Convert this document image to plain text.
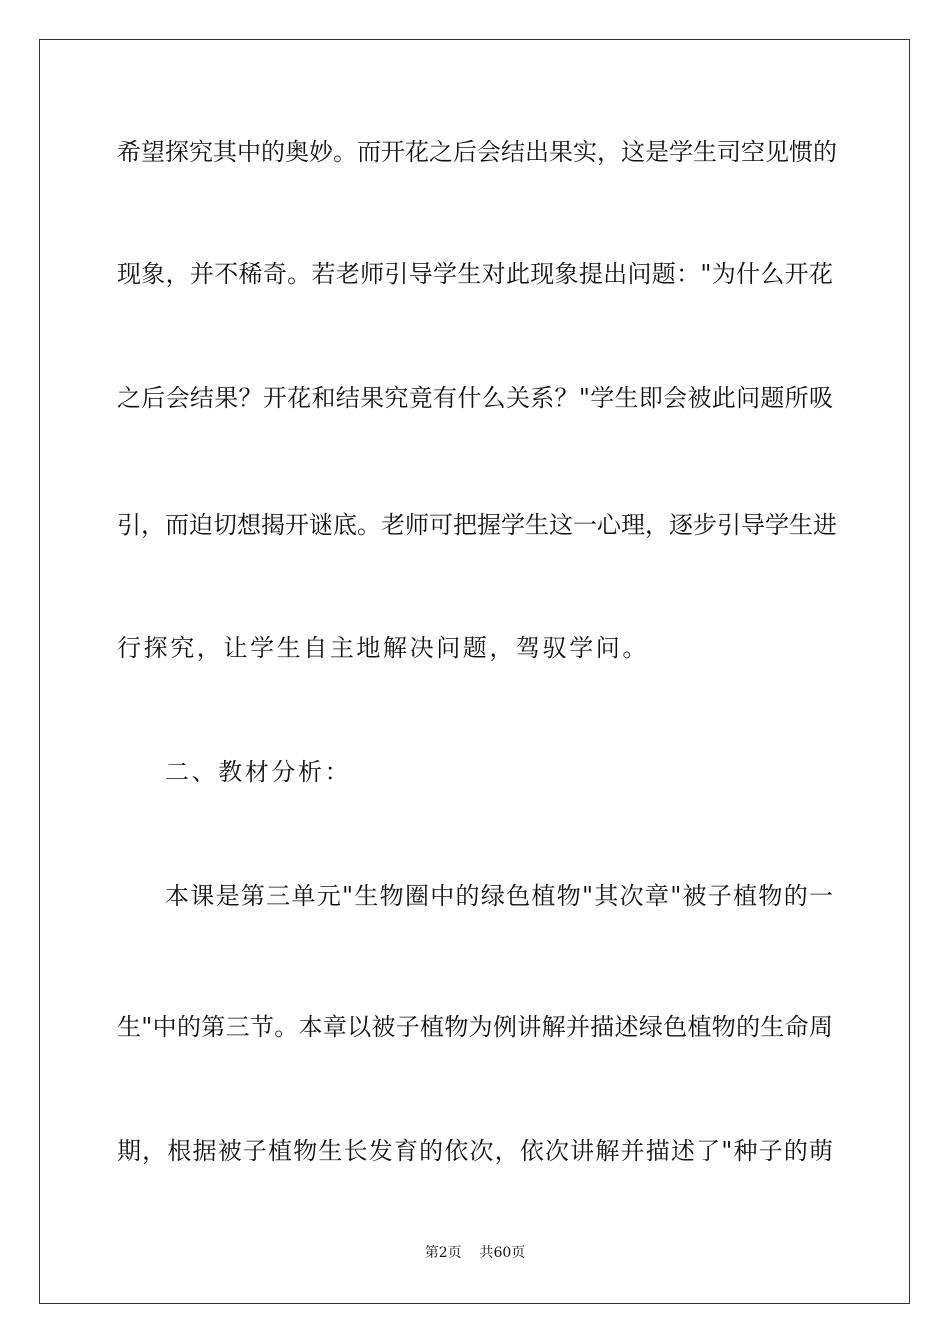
希望探究其中的奥妙。而开花之后会结出果实，这是学生司空见惯的
现象，并不稀奇。若老师引导学生对此现象提出问题："为什么开花
之后会结果？开花和结果究竟有什么关系？"学生即会被此问题所吸
引，而迫切想揭开谜底。老师可把握学生这一心理，逐步引导学生进
行探究，让学生自主地解决问题，驾驭学问。
二、教材分析：
本课是第三单元"生物圈中的绿色植物"其次章"被子植物的一
生"中的第三节。本章以被子植物为例讲解并描述绿色植物的生命周
期，根据被子植物生长发育的依次，依次讲解并描述了"种子的萌
第2页    共60页
